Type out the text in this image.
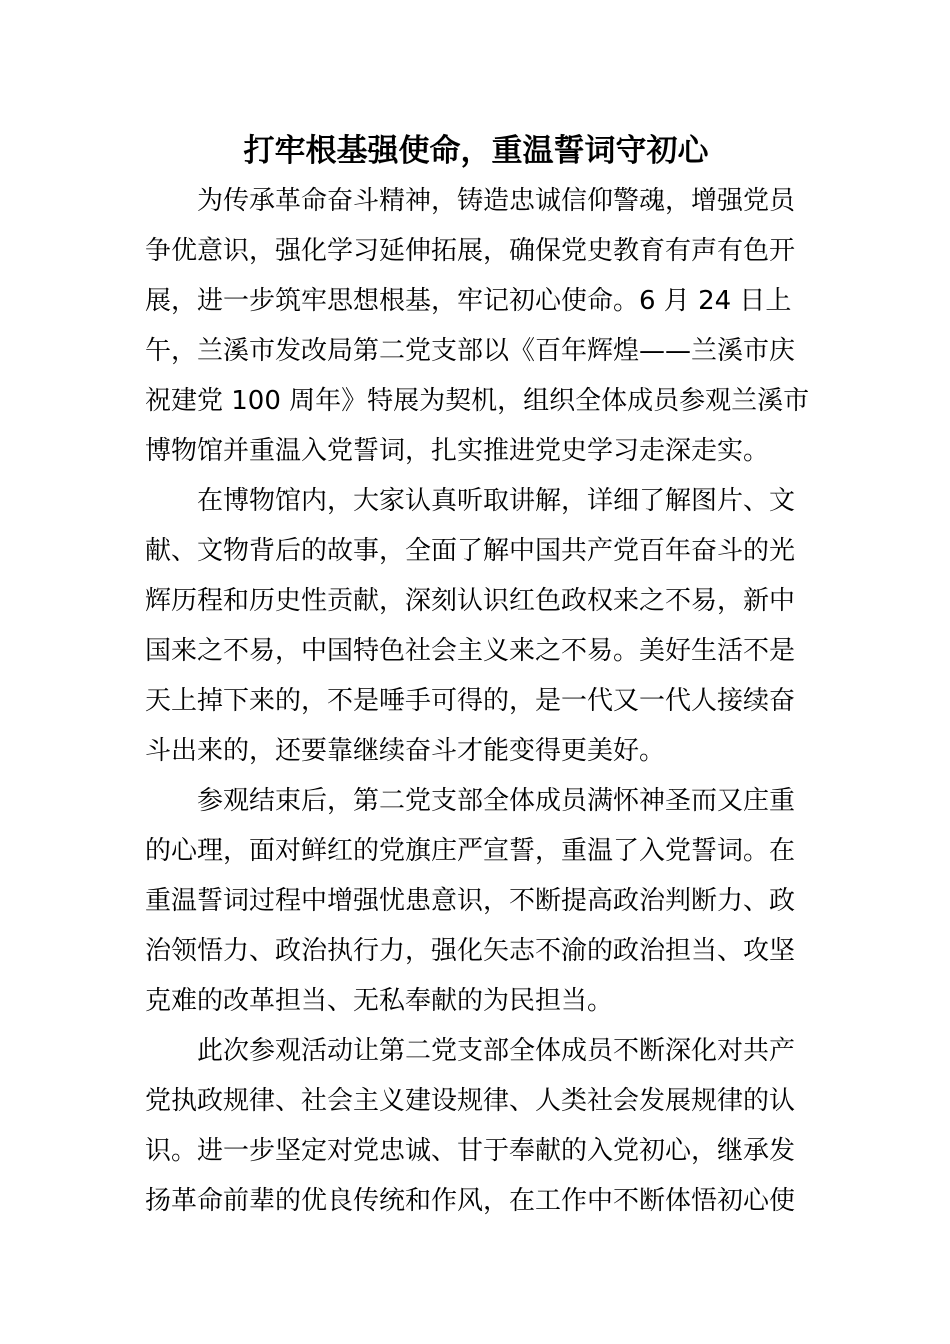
打牢根基强使命，重温誓词守初心
为传承革命奋斗精神，铸造忠诚信仰警魂，增强党员
争优意识，强化学习延伸拓展，确保党史教育有声有色开
展，进一步筑牢思想根基，牢记初心使命。6 月 24 日上
午，兰溪市发改局第二党支部以《百年辉煌——兰溪市庆
祝建党 100 周年》特展为契机，组织全体成员参观兰溪市
博物馆并重温入党誓词，扎实推进党史学习走深走实。
在博物馆内，大家认真听取讲解，详细了解图片、文
献、文物背后的故事，全面了解中国共产党百年奋斗的光
辉历程和历史性贡献，深刻认识红色政权来之不易，新中
国来之不易，中国特色社会主义来之不易。美好生活不是
天上掉下来的，不是唾手可得的，是一代又一代人接续奋
斗出来的，还要靠继续奋斗才能变得更美好。
参观结束后，第二党支部全体成员满怀神圣而又庄重
的心理，面对鲜红的党旗庄严宣誓，重温了入党誓词。在
重温誓词过程中增强忧患意识，不断提高政治判断力、政
治领悟力、政治执行力，强化矢志不渝的政治担当、攻坚
克难的改革担当、无私奉献的为民担当。
此次参观活动让第二党支部全体成员不断深化对共产
党执政规律、社会主义建设规律、人类社会发展规律的认
识。进一步坚定对党忠诚、甘于奉献的入党初心，继承发
扬革命前辈的优良传统和作风，在工作中不断体悟初心使
